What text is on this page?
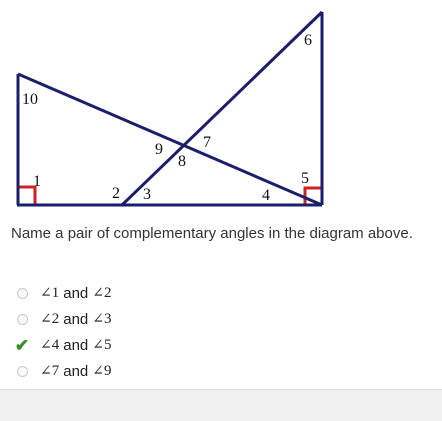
1
2 3	4
5
6
7
8
9
10

Name a pair of complementary angles in the diagram above.

∠ 1 and ∠ 2
∠ 2 and ∠ 3
✔ ∠ 4 and ∠ 5
∠ 7 and ∠ 9
